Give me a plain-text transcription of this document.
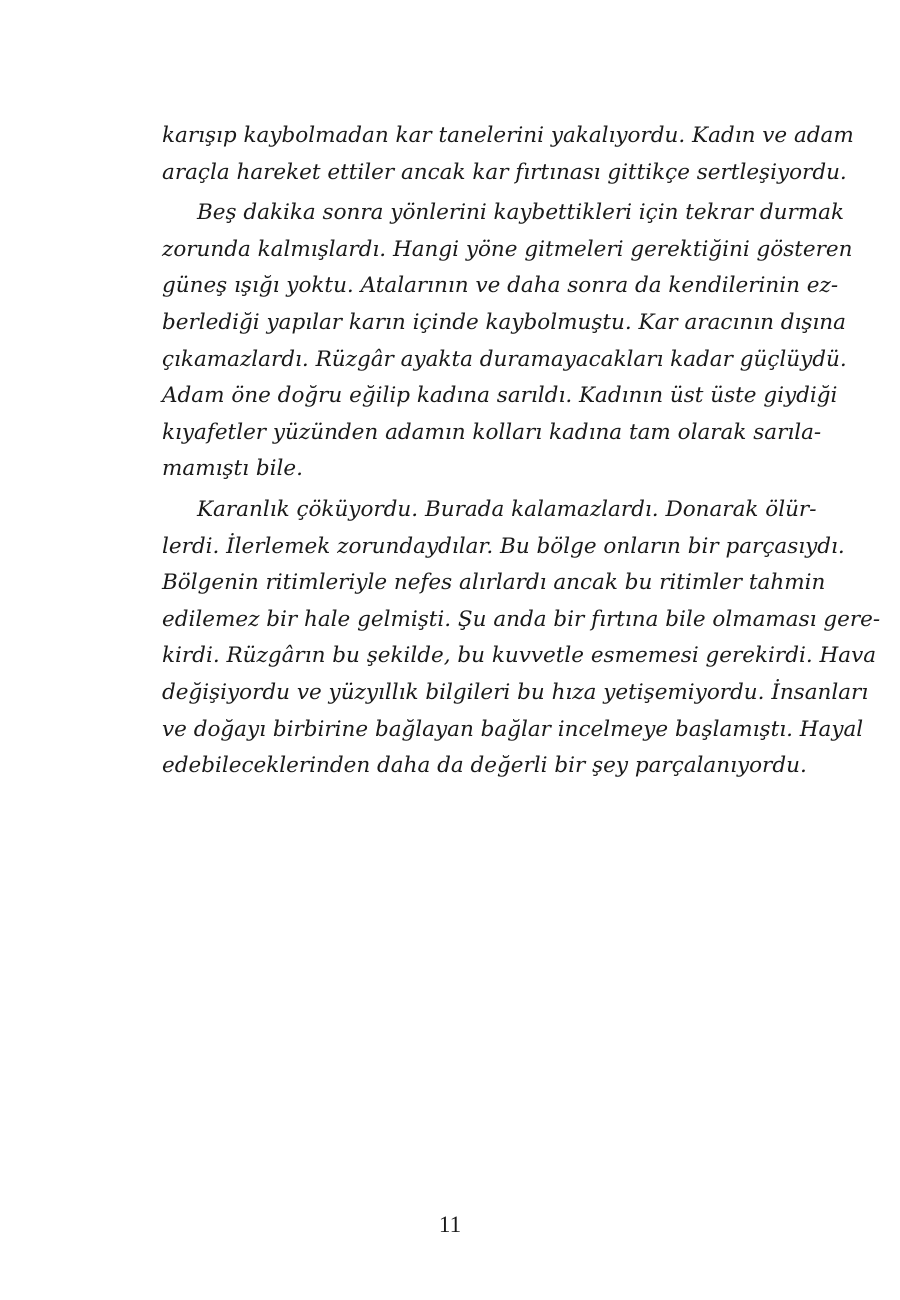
karışıp kaybolmadan kar tanelerini yakalıyordu. Kadın ve adam
araçla hareket ettiler ancak kar fırtınası gittikçe sertleşiyordu.
Beş dakika sonra yönlerini kaybettikleri için tekrar durmak
zorunda kalmışlardı. Hangi yöne gitmeleri gerektiğini gösteren
güneş ışığı yoktu. Atalarının ve daha sonra da kendilerinin ez-
berlediği yapılar karın içinde kaybolmuştu. Kar aracının dışına
çıkamazlardı. Rüzgâr ayakta duramayacakları kadar güçlüydü.
Adam öne doğru eğilip kadına sarıldı. Kadının üst üste giydiği
kıyafetler yüzünden adamın kolları kadına tam olarak sarıla-
mamıştı bile.
Karanlık çöküyordu. Burada kalamazlardı. Donarak ölür-
lerdi. İlerlemek zorundaydılar. Bu bölge onların bir parçasıydı.
Bölgenin ritimleriyle nefes alırlardı ancak bu ritimler tahmin
edilemez bir hale gelmişti. Şu anda bir fırtına bile olmaması gere-
kirdi. Rüzgârın bu şekilde, bu kuvvetle esmemesi gerekirdi. Hava
değişiyordu ve yüzyıllık bilgileri bu hıza yetişemiyordu. İnsanları
ve doğayı birbirine bağlayan bağlar incelmeye başlamıştı. Hayal
edebileceklerinden daha da değerli bir şey parçalanıyordu.
11
